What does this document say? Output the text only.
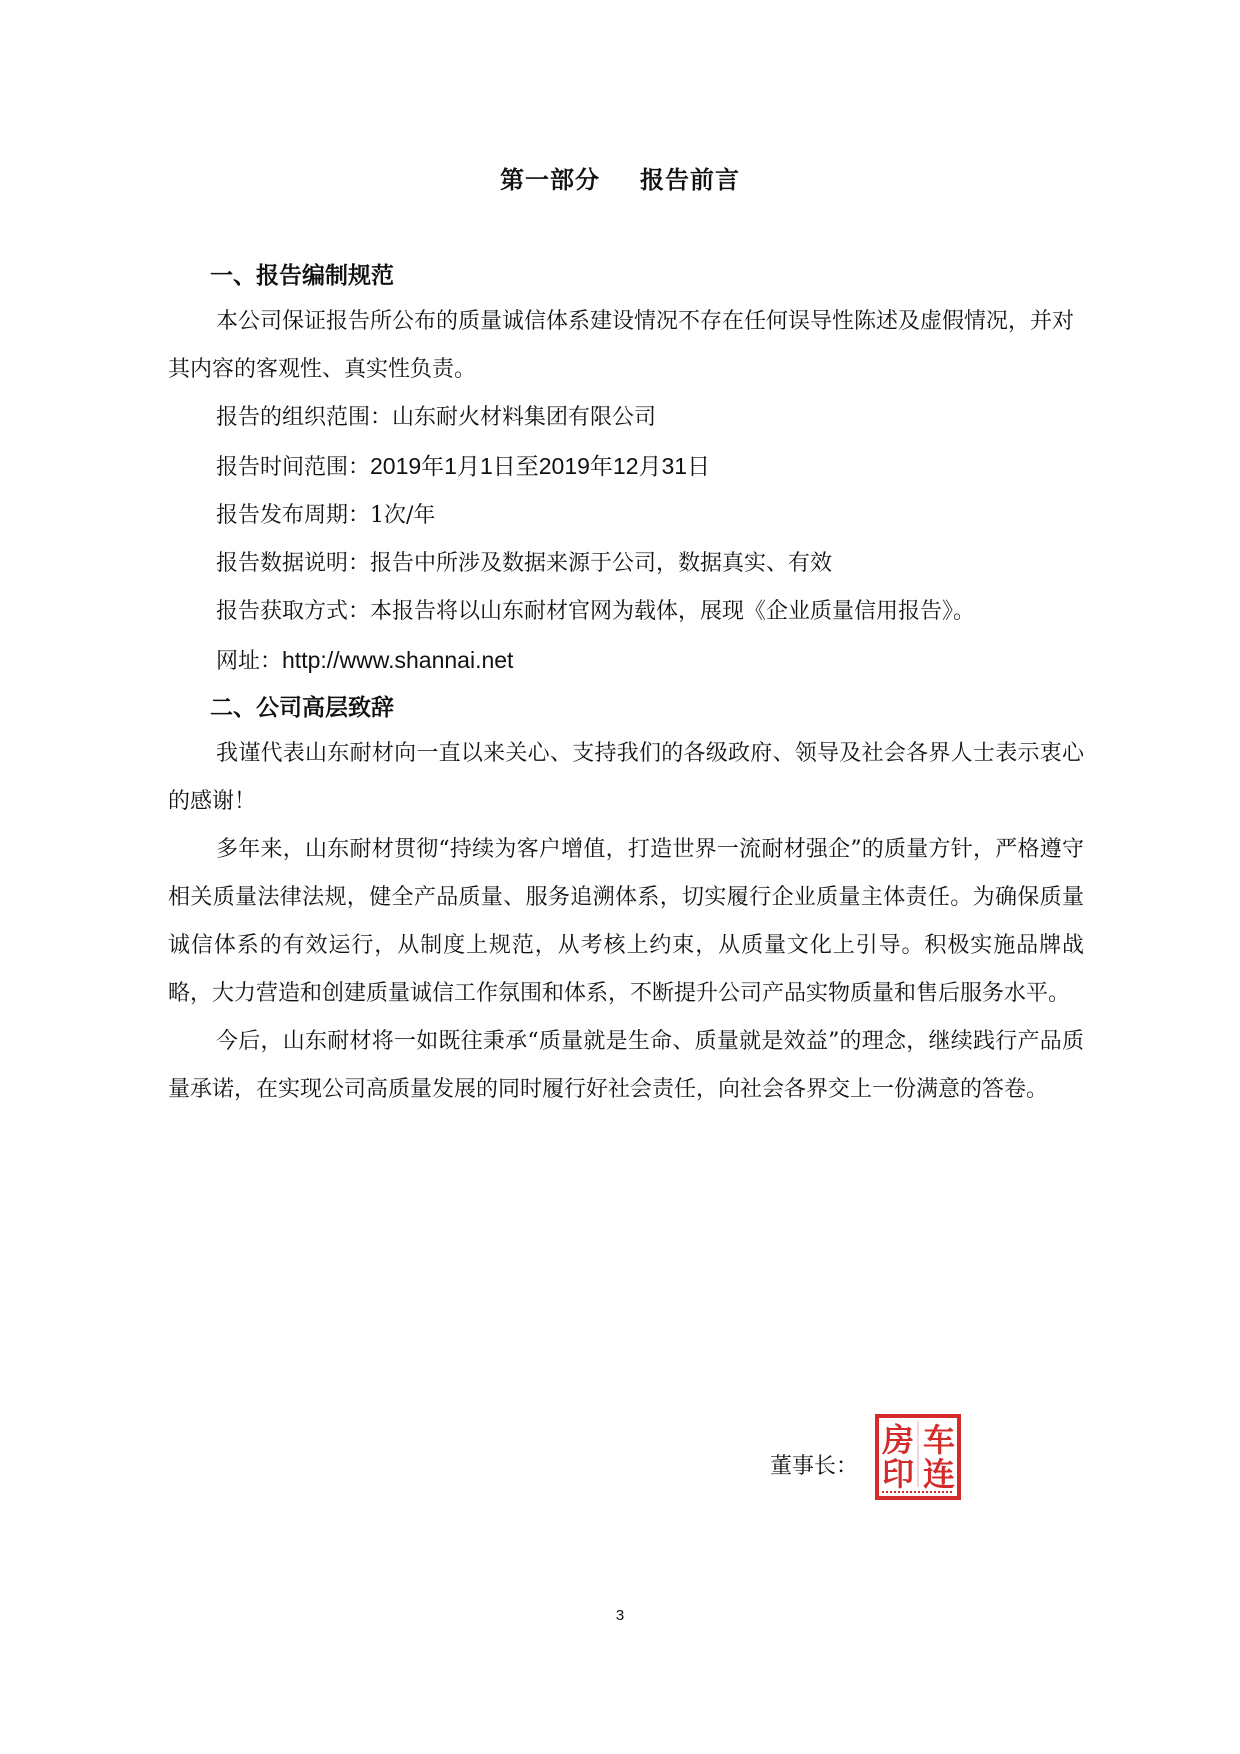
第一部分 报告前言
一、报告编制规范

本公司保证报告所公布的质量诚信体系建设情况不存在任何误导性陈述及虚假情况，并对其内容的客观性、真实性负责。

报告的组织范围：山东耐火材料集团有限公司

报告时间范围：2019年1月1日至2019年12月31日

报告发布周期：1次/年

报告数据说明：报告中所涉及数据来源于公司，数据真实、有效

报告获取方式：本报告将以山东耐材官网为载体，展现《企业质量信用报告》。

网址：http://www.shannai.net

二、公司高层致辞

我谨代表山东耐材向一直以来关心、支持我们的各级政府、领导及社会各界人士表示衷心的感谢！

多年来，山东耐材贯彻“持续为客户增值，打造世界一流耐材强企”的质量方针，严格遵守相关质量法律法规，健全产品质量、服务追溯体系，切实履行企业质量主体责任。为确保质量诚信体系的有效运行，从制度上规范，从考核上约束，从质量文化上引导。积极实施品牌战略，大力营造和创建质量诚信工作氛围和体系，不断提升公司产品实物质量和售后服务水平。

今后，山东耐材将一如既往秉承“质量就是生命、质量就是效益”的理念，继续践行产品质量承诺，在实现公司高质量发展的同时履行好社会责任，向社会各界交上一份满意的答卷。

董事长：
车
房
连
印
3
